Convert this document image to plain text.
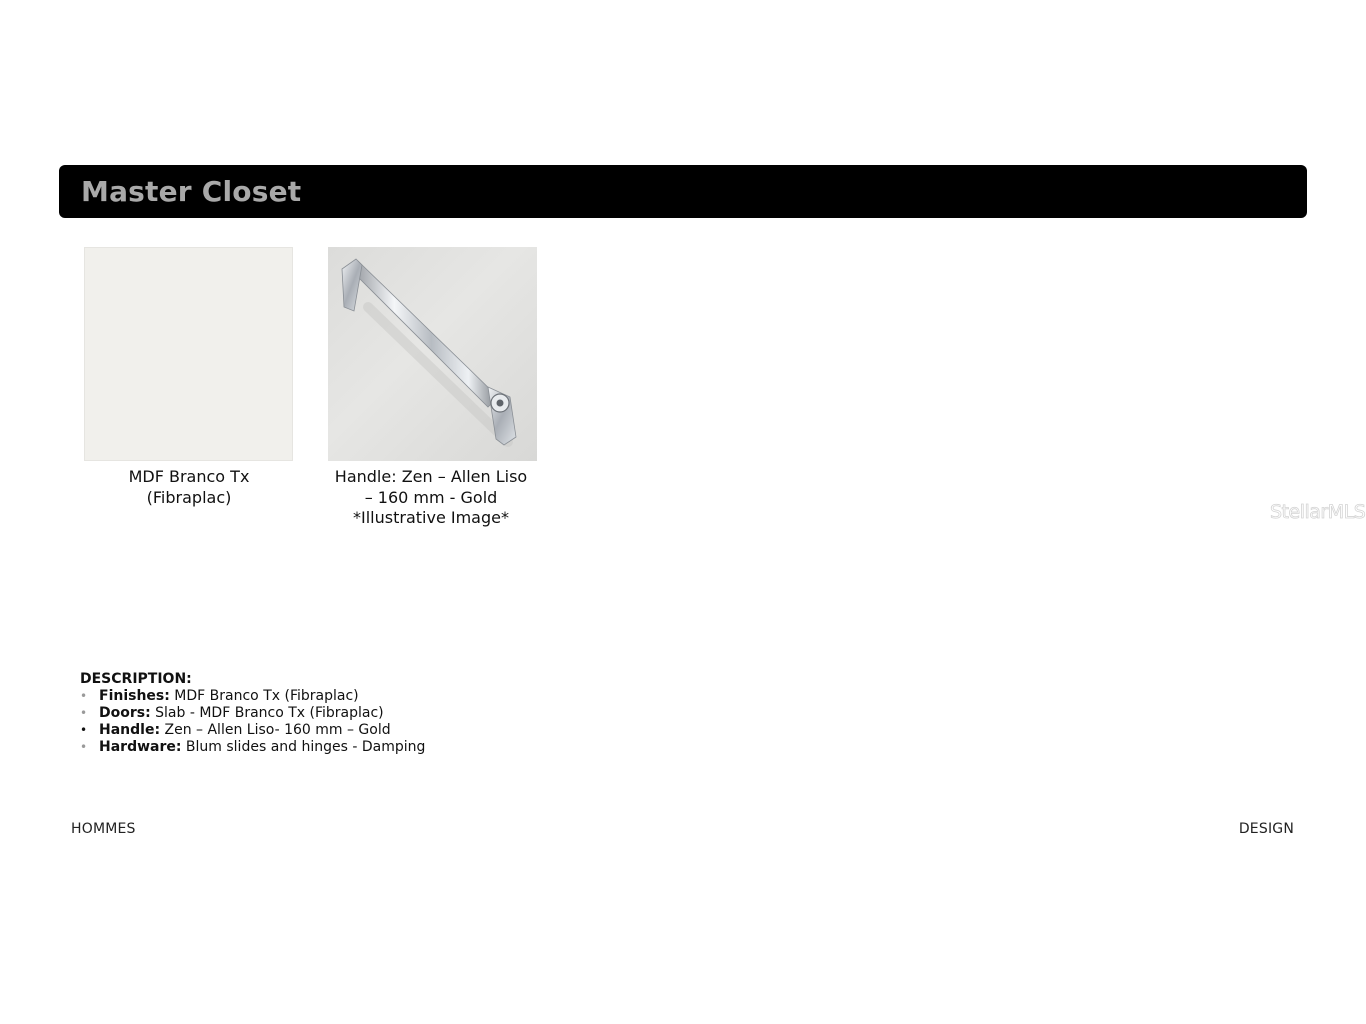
Master Closet
MDF Branco Tx
(Fibraplac)
Handle: Zen – Allen Liso
– 160 mm - Gold
*Illustrative Image*	StellarMLS
DESCRIPTION:
• Finishes: MDF Branco Tx (Fibraplac)
• Doors: Slab - MDF Branco Tx (Fibraplac)
• Handle: Zen – Allen Liso- 160 mm – Gold
• Hardware: Blum slides and hinges - Damping
HOMMES	DESIGN
